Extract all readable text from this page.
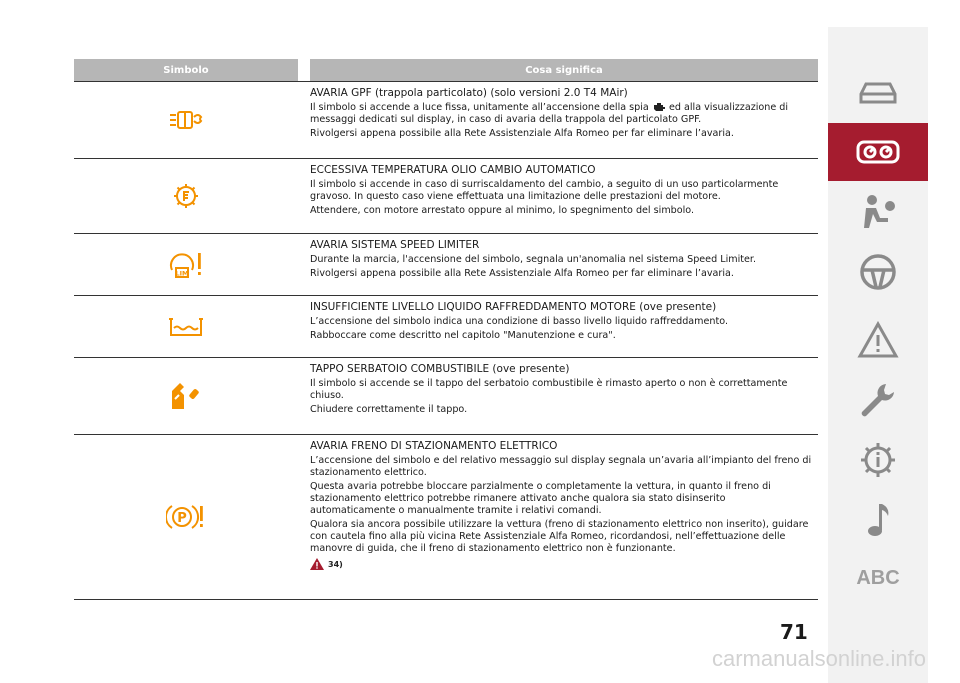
Simbolo	Cosa significa
AVARIA GPF (trappola particolato) (solo versioni 2.0 T4 MAir)

Il simbolo si accende a luce fissa, unitamente all’accensione della spia ed alla visualizzazione di messaggi dedicati sul display, in caso di avaria della trappola del particolato GPF.

Rivolgersi appena possibile alla Rete Assistenziale Alfa Romeo per far eliminare l’avaria.

ECCESSIVA TEMPERATURA OLIO CAMBIO AUTOMATICO

Il simbolo si accende in caso di surriscaldamento del cambio, a seguito di un uso particolarmente gravoso. In questo caso viene effettuata una limitazione delle prestazioni del motore.

Attendere, con motore arrestato oppure al minimo, lo spegnimento del simbolo.

LIM
AVARIA SISTEMA SPEED LIMITER

Durante la marcia, l'accensione del simbolo, segnala un'anomalia nel sistema Speed Limiter.

Rivolgersi appena possibile alla Rete Assistenziale Alfa Romeo per far eliminare l’avaria.

INSUFFICIENTE LIVELLO LIQUIDO RAFFREDDAMENTO MOTORE (ove presente)

L’accensione del simbolo indica una condizione di basso livello liquido raffreddamento.

Rabboccare come descritto nel capitolo "Manutenzione e cura".

TAPPO SERBATOIO COMBUSTIBILE (ove presente)

Il simbolo si accende se il tappo del serbatoio combustibile è rimasto aperto o non è correttamente chiuso.

Chiudere correttamente il tappo.

P
AVARIA FRENO DI STAZIONAMENTO ELETTRICO

L’accensione del simbolo e del relativo messaggio sul display segnala un’avaria all’impianto del freno di stazionamento elettrico.

Questa avaria potrebbe bloccare parzialmente o completamente la vettura, in quanto il freno di stazionamento elettrico potrebbe rimanere attivato anche qualora sia stato disinserito automaticamente o manualmente tramite i relativi comandi.

Qualora sia ancora possibile utilizzare la vettura (freno di stazionamento elettrico non inserito), guidare con cautela fino alla più vicina Rete Assistenziale Alfa Romeo, ricordandosi, nell’effettuazione delle manovre di guida, che il freno di stazionamento elettrico non è funzionante.

34)
ABC
71
carmanualsonline.info
